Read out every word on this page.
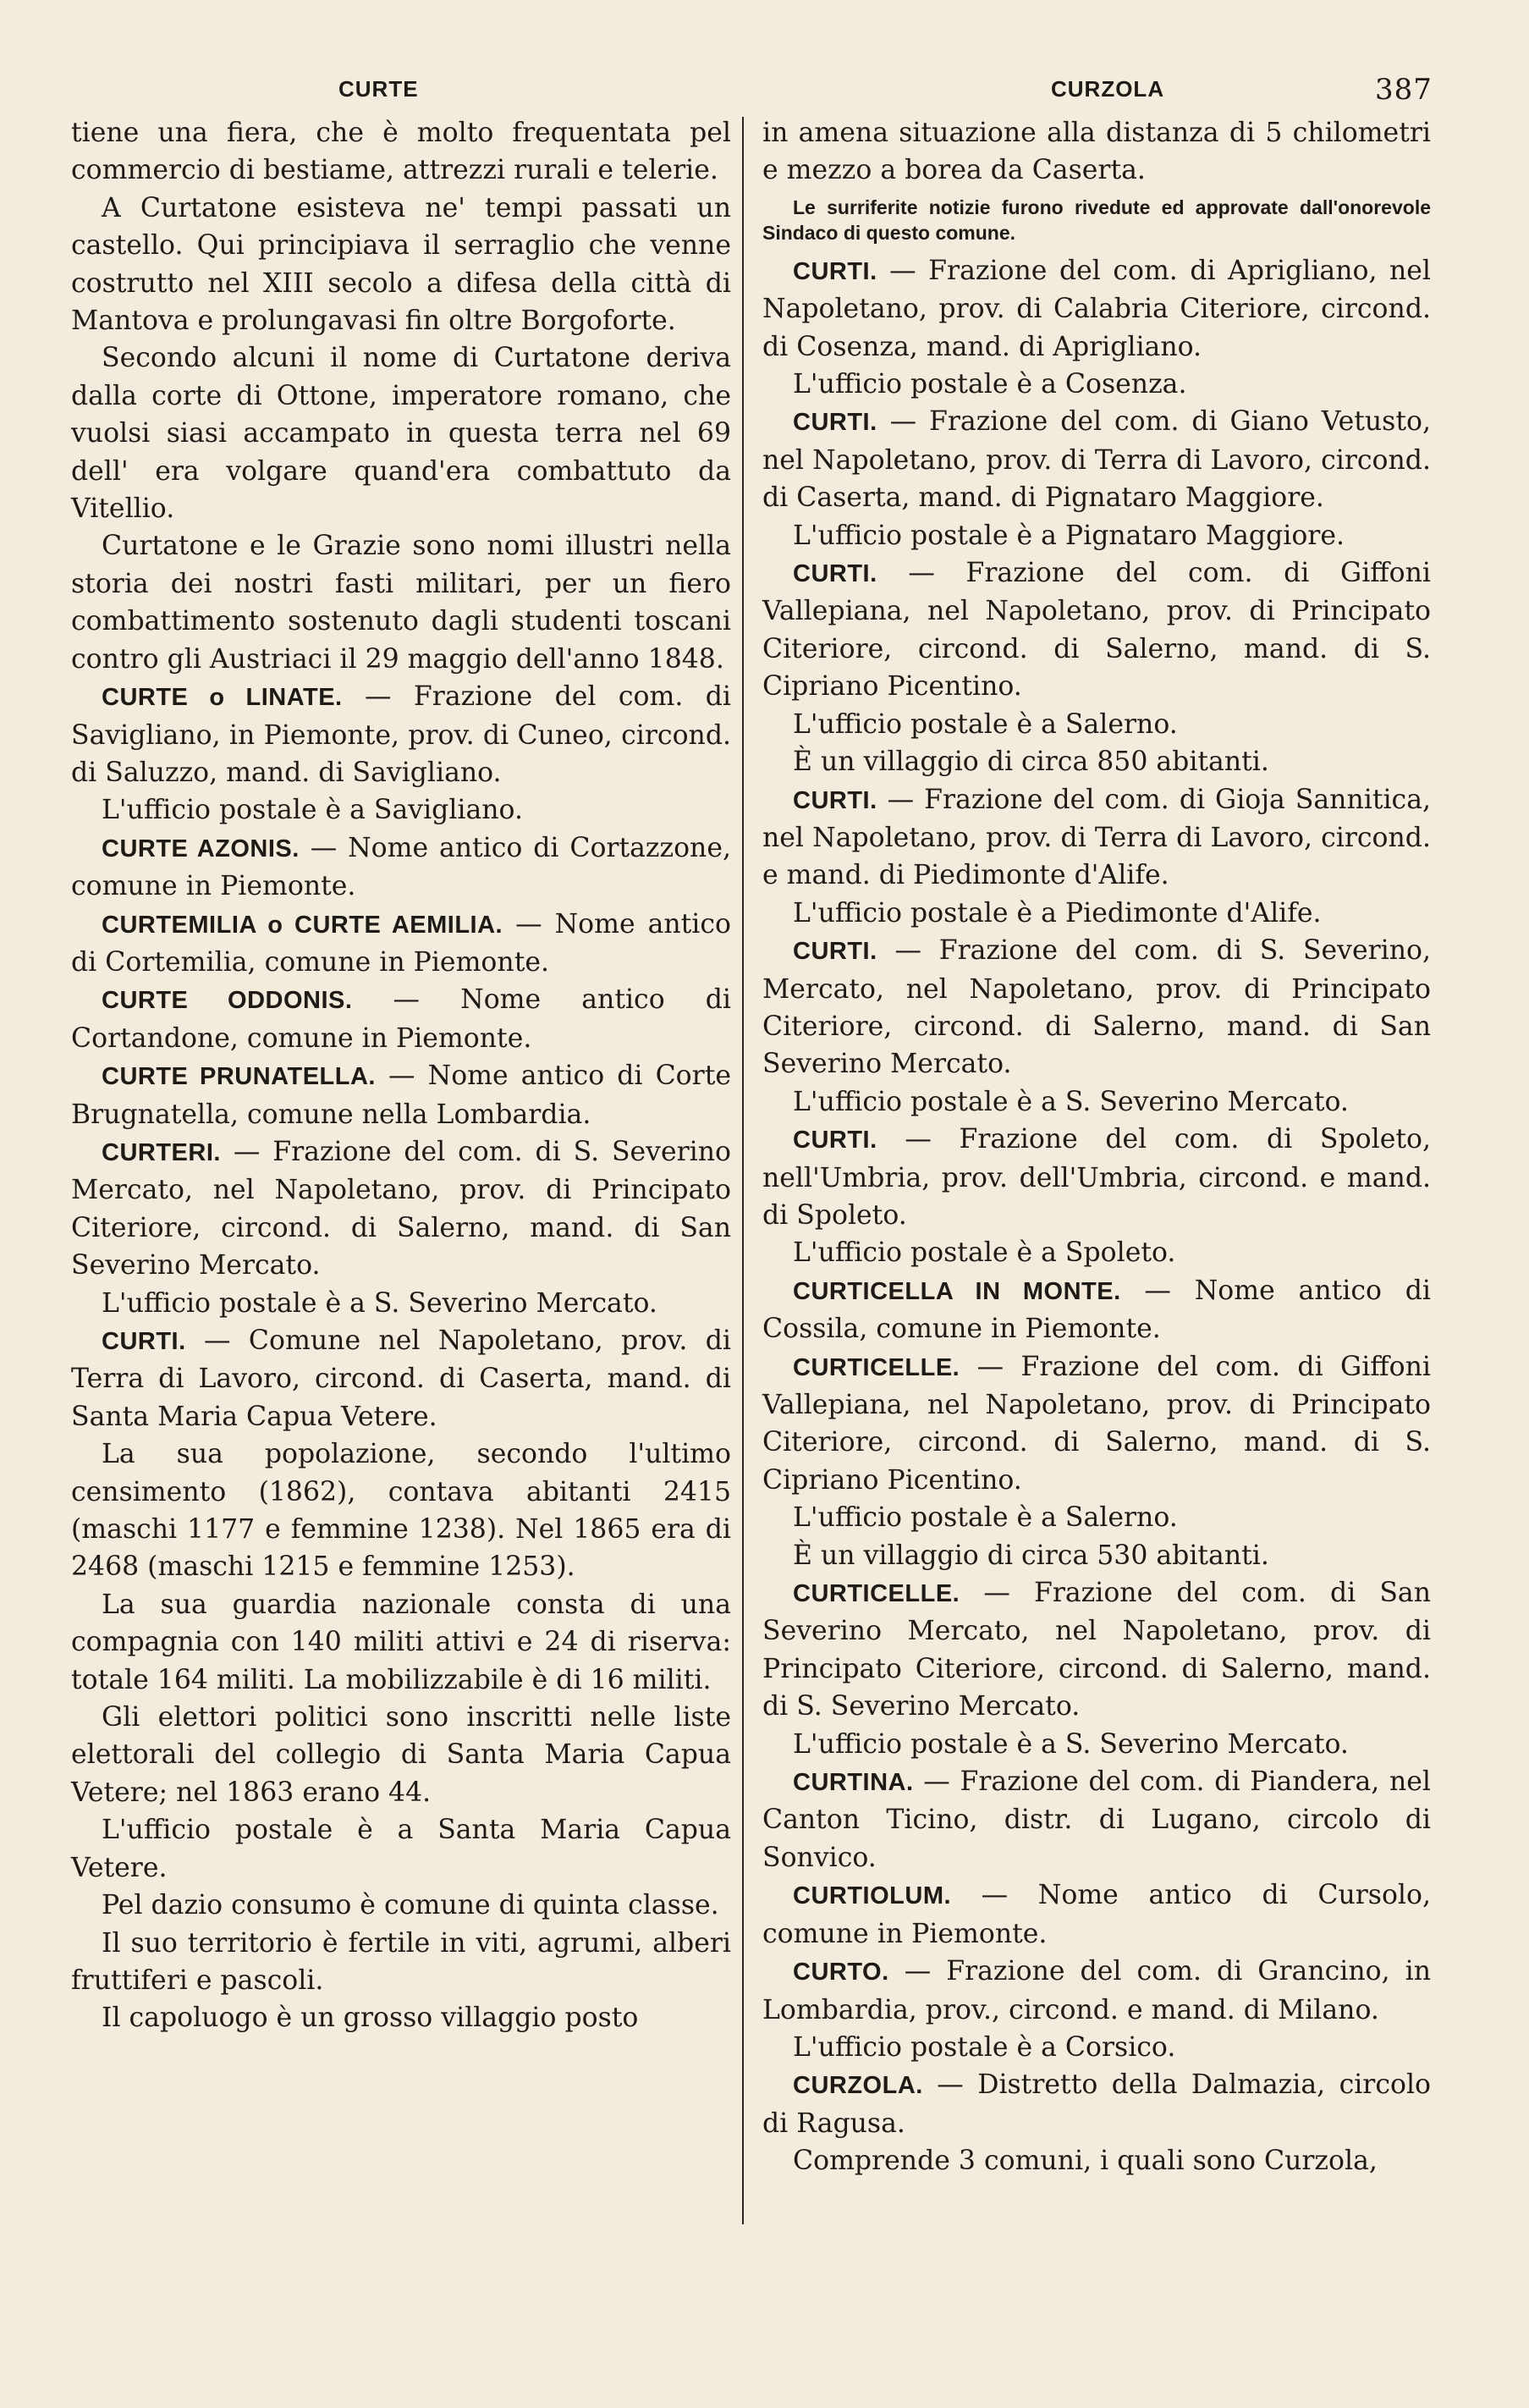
CURTE	CURZOLA	387

tiene una fiera, che è molto frequentata pel commercio di bestiame, attrezzi rurali e telerie.

A Curtatone esisteva ne' tempi passati un castello. Qui principiava il serraglio che venne costrutto nel XIII secolo a difesa della città di Mantova e prolungavasi fin oltre Borgoforte.

Secondo alcuni il nome di Curtatone deriva dalla corte di Ottone, imperatore romano, che vuolsi siasi accampato in questa terra nel 69 dell' era volgare quand'era combattuto da Vitellio.

Curtatone e le Grazie sono nomi illustri nella storia dei nostri fasti militari, per un fiero combattimento sostenuto dagli studenti toscani contro gli Austriaci il 29 maggio dell'anno 1848.

CURTE o LINATE. — Frazione del com. di Savigliano, in Piemonte, prov. di Cuneo, circond. di Saluzzo, mand. di Savigliano.

L'ufficio postale è a Savigliano.

CURTE AZONIS. — Nome antico di Cortazzone, comune in Piemonte.

CURTEMILIA o CURTE AEMILIA. — Nome antico di Cortemilia, comune in Piemonte.

CURTE ODDONIS. — Nome antico di Cortandone, comune in Piemonte.

CURTE PRUNATELLA. — Nome antico di Corte Brugnatella, comune nella Lombardia.

CURTERI. — Frazione del com. di S. Severino Mercato, nel Napoletano, prov. di Principato Citeriore, circond. di Salerno, mand. di San Severino Mercato.

L'ufficio postale è a S. Severino Mercato.

CURTI. — Comune nel Napoletano, prov. di Terra di Lavoro, circond. di Caserta, mand. di Santa Maria Capua Vetere.

La sua popolazione, secondo l'ultimo censimento (1862), contava abitanti 2415 (maschi 1177 e femmine 1238). Nel 1865 era di 2468 (maschi 1215 e femmine 1253).

La sua guardia nazionale consta di una compagnia con 140 militi attivi e 24 di riserva: totale 164 militi. La mobilizzabile è di 16 militi.

Gli elettori politici sono inscritti nelle liste elettorali del collegio di Santa Maria Capua Vetere; nel 1863 erano 44.

L'ufficio postale è a Santa Maria Capua Vetere.

Pel dazio consumo è comune di quinta classe.

Il suo territorio è fertile in viti, agrumi, alberi fruttiferi e pascoli.

Il capoluogo è un grosso villaggio posto

in amena situazione alla distanza di 5 chilometri e mezzo a borea da Caserta.

Le surriferite notizie furono rivedute ed approvate dall'onorevole Sindaco di questo comune.

CURTI. — Frazione del com. di Aprigliano, nel Napoletano, prov. di Calabria Citeriore, circond. di Cosenza, mand. di Aprigliano.

L'ufficio postale è a Cosenza.

CURTI. — Frazione del com. di Giano Vetusto, nel Napoletano, prov. di Terra di Lavoro, circond. di Caserta, mand. di Pignataro Maggiore.

L'ufficio postale è a Pignataro Maggiore.

CURTI. — Frazione del com. di Giffoni Vallepiana, nel Napoletano, prov. di Principato Citeriore, circond. di Salerno, mand. di S. Cipriano Picentino.

L'ufficio postale è a Salerno.

È un villaggio di circa 850 abitanti.

CURTI. — Frazione del com. di Gioja Sannitica, nel Napoletano, prov. di Terra di Lavoro, circond. e mand. di Piedimonte d'Alife.

L'ufficio postale è a Piedimonte d'Alife.

CURTI. — Frazione del com. di S. Severino, Mercato, nel Napoletano, prov. di Principato Citeriore, circond. di Salerno, mand. di San Severino Mercato.

L'ufficio postale è a S. Severino Mercato.

CURTI. — Frazione del com. di Spoleto, nell'Umbria, prov. dell'Umbria, circond. e mand. di Spoleto.

L'ufficio postale è a Spoleto.

CURTICELLA IN MONTE. — Nome antico di Cossila, comune in Piemonte.

CURTICELLE. — Frazione del com. di Giffoni Vallepiana, nel Napoletano, prov. di Principato Citeriore, circond. di Salerno, mand. di S. Cipriano Picentino.

L'ufficio postale è a Salerno.

È un villaggio di circa 530 abitanti.

CURTICELLE. — Frazione del com. di San Severino Mercato, nel Napoletano, prov. di Principato Citeriore, circond. di Salerno, mand. di S. Severino Mercato.

L'ufficio postale è a S. Severino Mercato.

CURTINA. — Frazione del com. di Piandera, nel Canton Ticino, distr. di Lugano, circolo di Sonvico.

CURTIOLUM. — Nome antico di Cursolo, comune in Piemonte.

CURTO. — Frazione del com. di Grancino, in Lombardia, prov., circond. e mand. di Milano.

L'ufficio postale è a Corsico.

CURZOLA. — Distretto della Dalmazia, circolo di Ragusa.

Comprende 3 comuni, i quali sono Curzola,
